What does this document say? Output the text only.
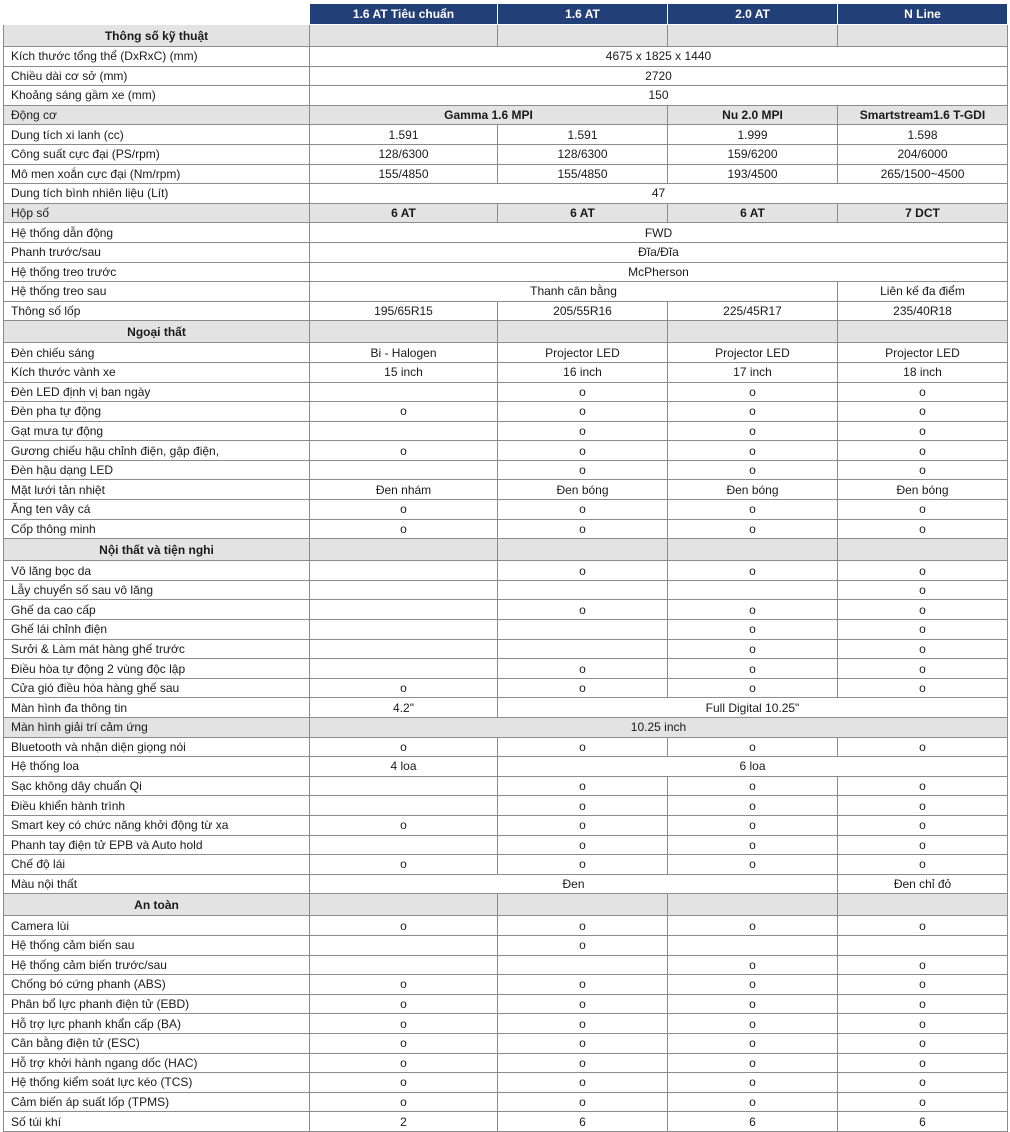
	1.6 AT Tiêu chuẩn	1.6 AT	2.0 AT	N Line
Thông số kỹ thuật				
Kích thước tổng thể (DxRxC) (mm)	4675 x 1825 x 1440			
Chiều dài cơ sở (mm)	2720			
Khoảng sáng gầm xe (mm)	150			
Động cơ	Gamma 1.6 MPI		Nu 2.0 MPI	Smartstream1.6 T-GDI
Dung tích xi lanh (cc)	1.591	1.591	1.999	1.598
Công suất cực đại (PS/rpm)	128/6300	128/6300	159/6200	204/6000
Mô men xoắn cực đại (Nm/rpm)	155/4850	155/4850	193/4500	265/1500~4500
Dung tích bình nhiên liệu (Lít)	47			
Hộp số	6 AT	6 AT	6 AT	7 DCT
Hệ thống dẫn động	FWD			
Phanh trước/sau	Đĩa/Đĩa			
Hệ thống treo trước	McPherson			
Hệ thống treo sau	Thanh cân bằng			Liên kế đa điểm
Thông số lốp	195/65R15	205/55R16	225/45R17	235/40R18
Ngoại thất				
Đèn chiếu sáng	Bi - Halogen	Projector LED	Projector LED	Projector LED
Kích thước vành xe	15 inch	16 inch	17 inch	18 inch
Đèn LED định vị ban ngày		o	o	o
Đèn pha tự động	o	o	o	o
Gạt mưa tự động		o	o	o
Gương chiếu hậu chỉnh điện, gập điện,	o	o	o	o
Đèn hậu dạng LED		o	o	o
Mặt lưới tản nhiệt	Đen nhám	Đen bóng	Đen bóng	Đen bóng
Ăng ten vây cá	o	o	o	o
Cốp thông minh	o	o	o	o
Nội thất và tiện nghi				
Vô lăng bọc da		o	o	o
Lẫy chuyển số sau vô lăng				o
Ghế da cao cấp		o	o	o
Ghế lái chỉnh điện			o	o
Sưởi & Làm mát hàng ghế trước			o	o
Điều hòa tự động 2 vùng độc lập		o	o	o
Cửa gió điều hòa hàng ghế sau	o	o	o	o
Màn hình đa thông tin	4.2"	Full Digital 10.25"		
Màn hình giải trí cảm ứng	10.25 inch			
Bluetooth và nhận diện giọng nói	o	o	o	o
Hệ thống loa	4 loa	6 loa		
Sạc không dây chuẩn Qi		o	o	o
Điều khiển hành trình		o	o	o
Smart key có chức năng khởi động từ xa	o	o	o	o
Phanh tay điện tử EPB và Auto hold		o	o	o
Chế độ lái	o	o	o	o
Màu nội thất	Đen			Đen chỉ đỏ
An toàn				
Camera lùi	o	o	o	o
Hệ thống cảm biến sau		o		
Hệ thống cảm biến trước/sau			o	o
Chống bó cứng phanh (ABS)	o	o	o	o
Phân bổ lực phanh điện tử (EBD)	o	o	o	o
Hỗ trợ lực phanh khẩn cấp (BA)	o	o	o	o
Cân bằng điện tử (ESC)	o	o	o	o
Hỗ trợ khởi hành ngang dốc (HAC)	o	o	o	o
Hệ thống kiểm soát lực kéo (TCS)	o	o	o	o
Cảm biến áp suất lốp (TPMS)	o	o	o	o
Số túi khí	2	6	6	6
